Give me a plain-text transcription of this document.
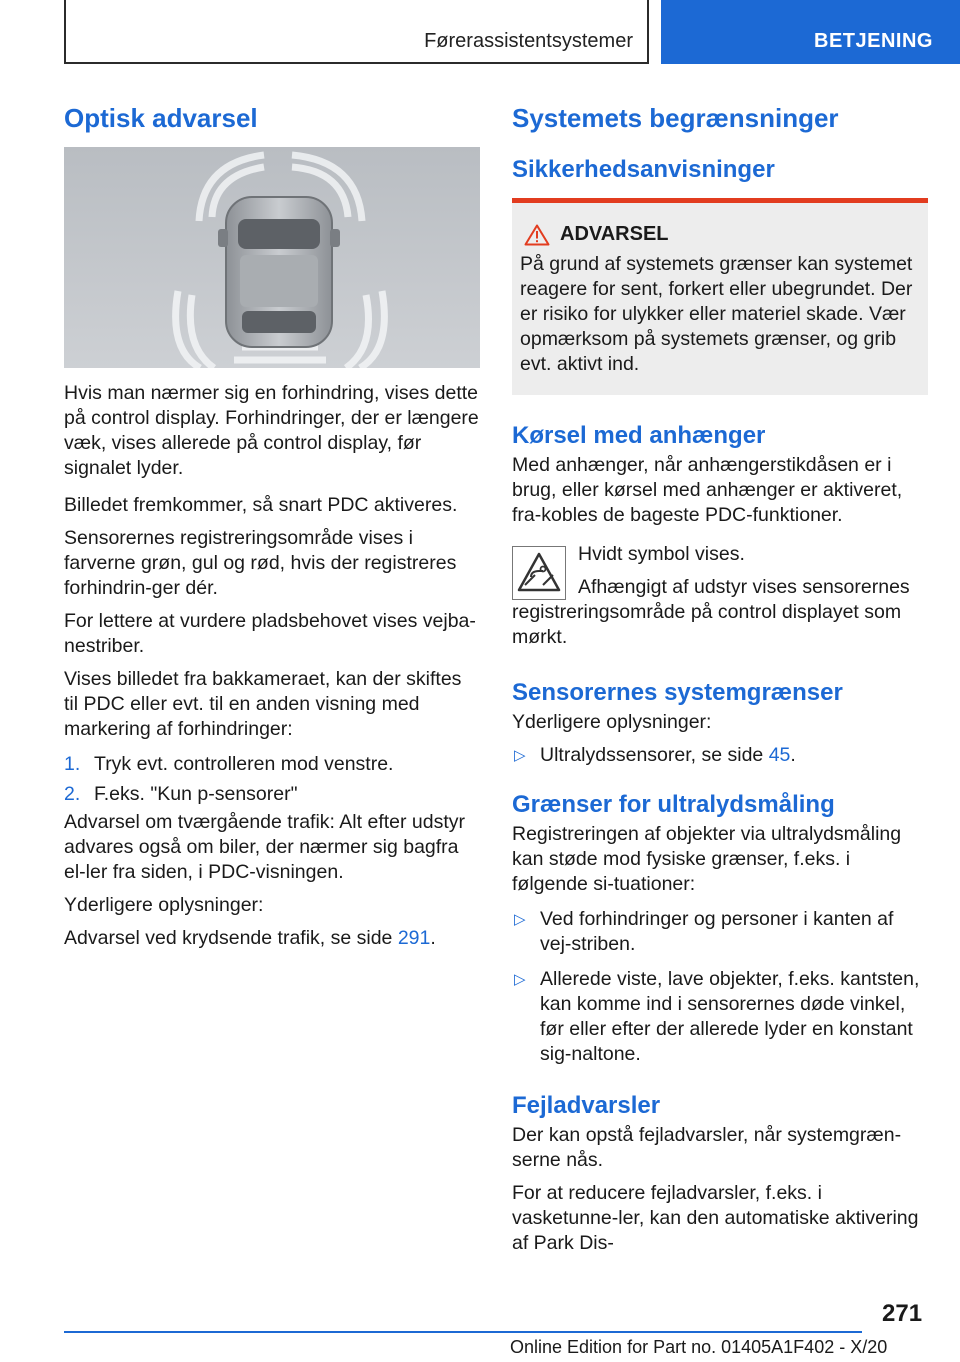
Førerassistentsystemer	BETJENING
Optisk advarsel

Hvis man nærmer sig en forhindring, vises dette på control display. Forhindringer, der er længere væk, vises allerede på control display, før signalet lyder.

Billedet fremkommer, så snart PDC aktiveres.

Sensorernes registreringsområde vises i farverne grøn, gul og rød, hvis der registreres forhindrin-ger dér.

For lettere at vurdere pladsbehovet vises vejba-nestriber.

Vises billedet fra bakkameraet, kan der skiftes til PDC eller evt. til en anden visning med markering af forhindringer:

1. Tryk evt. controlleren mod venstre.
2. F.eks. "Kun p-sensorer"

Advarsel om tværgående trafik: Alt efter udstyr advares også om biler, der nærmer sig bagfra el-ler fra siden, i PDC-visningen.

Yderligere oplysninger:

Advarsel ved krydsende trafik, se side 291.

Systemets begrænsninger
Sikkerhedsanvisninger
ADVARSEL

På grund af systemets grænser kan systemet reagere for sent, forkert eller ubegrundet. Der er risiko for ulykker eller materiel skade. Vær opmærksom på systemets grænser, og grib evt. aktivt ind.

Kørsel med anhænger

Med anhænger, når anhængerstikdåsen er i brug, eller kørsel med anhænger er aktiveret, fra-kobles de bageste PDC-funktioner.

Hvidt symbol vises.

Afhængigt af udstyr vises sensorernes registreringsområde på control displayet som mørkt.

Sensorernes systemgrænser

Yderligere oplysninger:

▷ Ultralydssensorer, se side 45.
Grænser for ultralydsmåling

Registreringen af objekter via ultralydsmåling kan støde mod fysiske grænser, f.eks. i følgende si-tuationer:

▷ Ved forhindringer og personer i kanten af vej-striben.
▷ Allerede viste, lave objekter, f.eks. kantsten, kan komme ind i sensorernes døde vinkel, før eller efter der allerede lyder en konstant sig-naltone.
Fejladvarsler

Der kan opstå fejladvarsler, når systemgræn-serne nås.

For at reducere fejladvarsler, f.eks. i vasketunne-ler, kan den automatiske aktivering af Park Dis-

271
Online Edition for Part no. 01405A1F402 - X/20
